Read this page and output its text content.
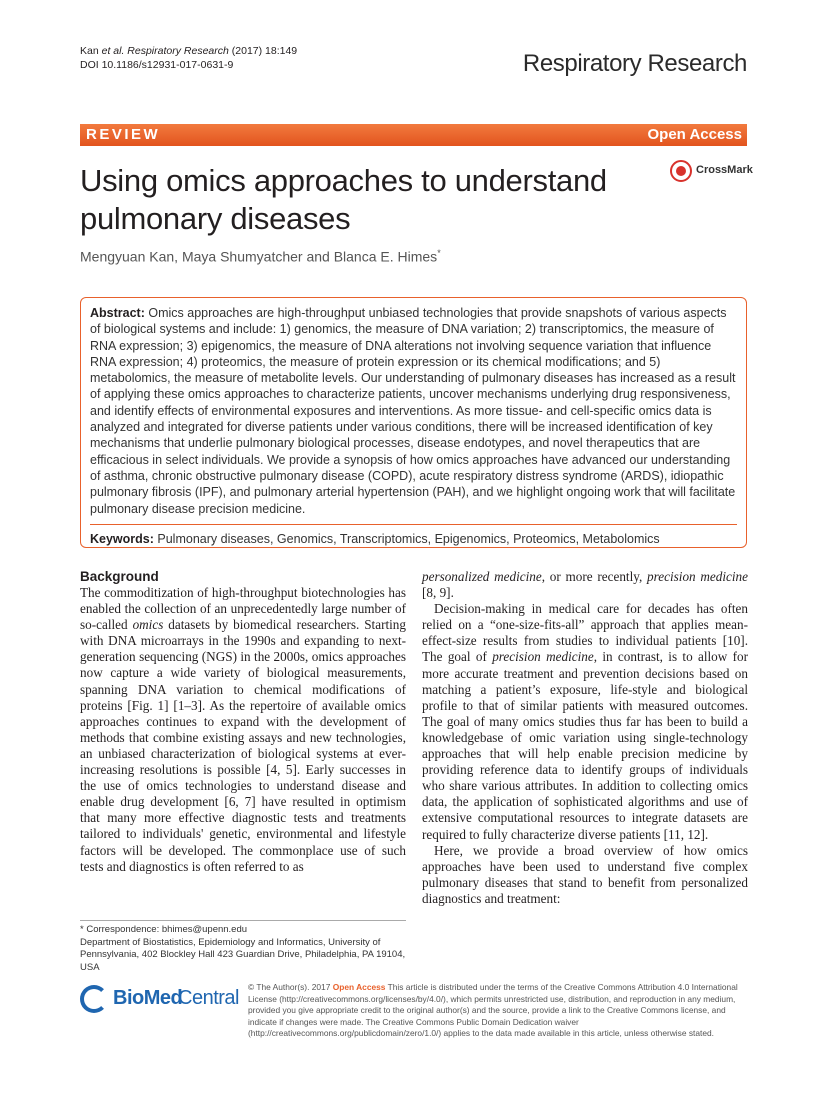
Kan et al. Respiratory Research (2017) 18:149
DOI 10.1186/s12931-017-0631-9	Respiratory Research
REVIEW	Open Access
Using omics approaches to understand
pulmonary diseases
CrossMark
Mengyuan Kan, Maya Shumyatcher and Blanca E. Himes*

Abstract: Omics approaches are high-throughput unbiased technologies that provide snapshots of various aspects of biological systems and include: 1) genomics, the measure of DNA variation; 2) transcriptomics, the measure of RNA expression; 3) epigenomics, the measure of DNA alterations not involving sequence variation that influence RNA expression; 4) proteomics, the measure of protein expression or its chemical modifications; and 5) metabolomics, the measure of metabolite levels. Our understanding of pulmonary diseases has increased as a result of applying these omics approaches to characterize patients, uncover mechanisms underlying drug responsiveness, and identify effects of environmental exposures and interventions. As more tissue- and cell-specific omics data is analyzed and integrated for diverse patients under various conditions, there will be increased identification of key mechanisms that underlie pulmonary biological processes, disease endotypes, and novel therapeutics that are efficacious in select individuals. We provide a synopsis of how omics approaches have advanced our understanding of asthma, chronic obstructive pulmonary disease (COPD), acute respiratory distress syndrome (ARDS), idiopathic pulmonary fibrosis (IPF), and pulmonary arterial hypertension (PAH), and we highlight ongoing work that will facilitate pulmonary disease precision medicine.

Keywords: Pulmonary diseases, Genomics, Transcriptomics, Epigenomics, Proteomics, Metabolomics

Background

The commoditization of high-throughput biotechnologies has enabled the collection of an unprecedentedly large number of so-called omics datasets by biomedical researchers. Starting with DNA microarrays in the 1990s and expanding to next-generation sequencing (NGS) in the 2000s, omics approaches now capture a wide variety of biological measurements, spanning DNA variation to chemical modifications of proteins [Fig. 1] [1–3]. As the repertoire of available omics approaches continues to expand with the development of methods that combine existing assays and new technologies, an unbiased characterization of biological systems at ever-increasing resolutions is possible [4, 5]. Early successes in the use of omics technologies to understand disease and enable drug development [6, 7] have resulted in optimism that many more effective diagnostic tests and treatments tailored to individuals' genetic, environmental and lifestyle factors will be developed. The commonplace use of such tests and diagnostics is often referred to as

personalized medicine, or more recently, precision medicine [8, 9].

Decision-making in medical care for decades has often relied on a “one-size-fits-all” approach that applies mean-effect-size results from studies to individual patients [10]. The goal of precision medicine, in contrast, is to allow for more accurate treatment and prevention decisions based on matching a patient’s exposure, life-style and biological profile to that of similar patients with measured outcomes. The goal of many omics studies thus far has been to build a knowledgebase of omic variation using single-technology approaches that will help enable precision medicine by providing reference data to identify groups of individuals who share various attributes. In addition to collecting omics data, the application of sophisticated algorithms and use of extensive computational resources to integrate datasets are required to fully characterize diverse patients [11, 12].

Here, we provide a broad overview of how omics approaches have been used to understand five complex pulmonary diseases that stand to benefit from personalized diagnostics and treatment:

* Correspondence: bhimes@upenn.edu
Department of Biostatistics, Epidemiology and Informatics, University of Pennsylvania, 402 Blockley Hall 423 Guardian Drive, Philadelphia, PA 19104, USA
BioMed
Central © The Author(s). 2017 Open Access This article is distributed under the terms of the Creative Commons Attribution 4.0 International License (http://creativecommons.org/licenses/by/4.0/), which permits unrestricted use, distribution, and reproduction in any medium, provided you give appropriate credit to the original author(s) and the source, provide a link to the Creative Commons license, and indicate if changes were made. The Creative Commons Public Domain Dedication waiver (http://creativecommons.org/publicdomain/zero/1.0/) applies to the data made available in this article, unless otherwise stated.
